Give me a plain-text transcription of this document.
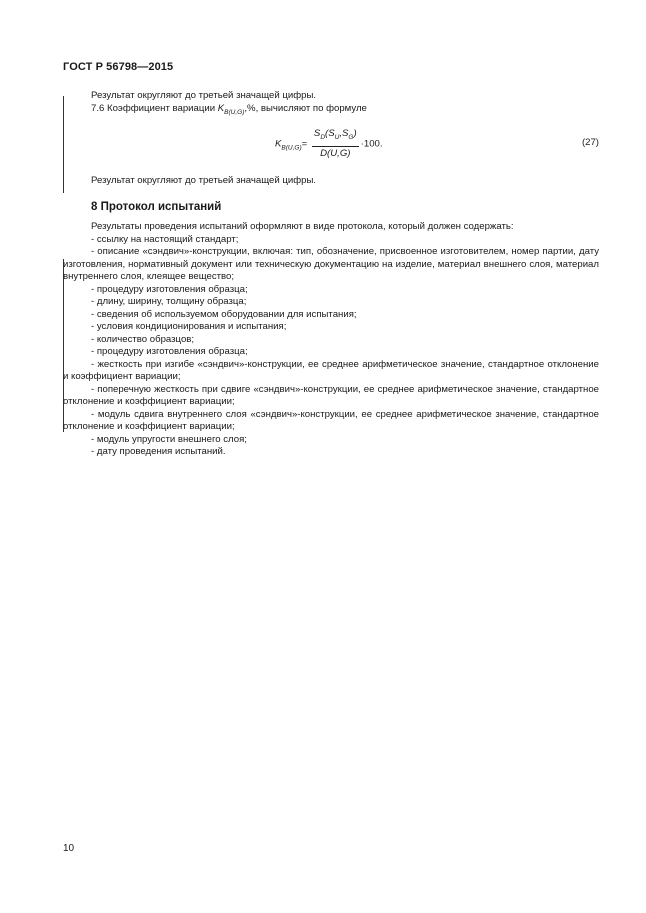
ГОСТ Р 56798—2015

Результат округляют до третьей значащей цифры.

7.6 Коэффициент вариации $K_{B(U,G)},\%$, вычисляют по формуле

$K_{B(U,G)}= \frac{S_D(S_U,S_G)}{D(U,G)} \cdot 100$.	(27)

Результат округляют до третьей значащей цифры.

8 Протокол испытаний

Результаты проведения испытаний оформляют в виде протокола, который должен содержать:

- ссылку на настоящий стандарт;

- описание «сэндвич»-конструкции, включая: тип, обозначение, присвоенное изготовителем, номер партии, дату изготовления, нормативный документ или техническую документацию на изделие, материал внешнего слоя, материал внутреннего слоя, клеящее вещество;

- процедуру изготовления образца;

- длину, ширину, толщину образца;

- сведения об используемом оборудовании для испытания;

- условия кондиционирования и испытания;

- количество образцов;

- процедуру изготовления образца;

- жесткость при изгибе «сэндвич»-конструкции, ее среднее арифметическое значение, стандартное отклонение и коэффициент вариации;

- поперечную жесткость при сдвиге «сэндвич»-конструкции, ее среднее арифметическое значение, стандартное отклонение и коэффициент вариации;

- модуль сдвига внутреннего слоя «сэндвич»-конструкции, ее среднее арифметическое значение, стандартное отклонение и коэффициент вариации;

- модуль упругости внешнего слоя;

- дату проведения испытаний.

10
